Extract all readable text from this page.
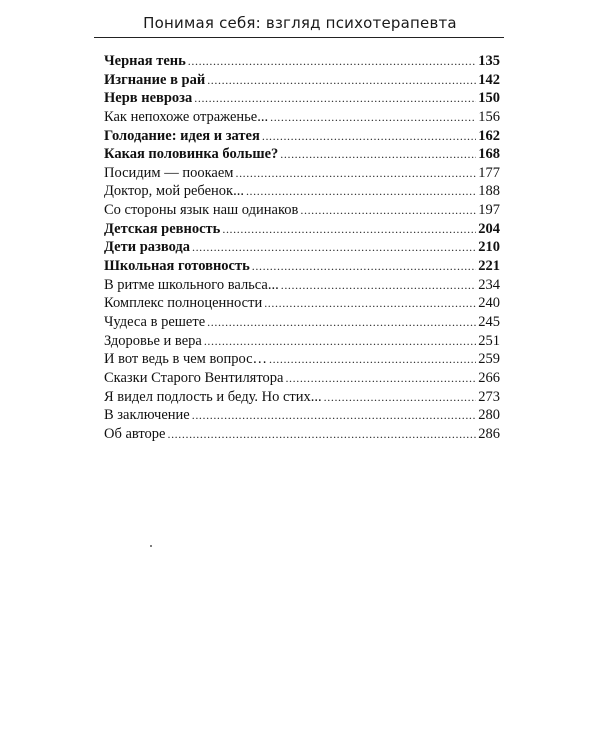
Понимая себя: взгляд психотерапевта
Черная тень .....	135
Изгнание в рай .....	142
Нерв невроза .....	150
Как непохоже отраженье... .....	156
Голодание: идея и затея .....	162
Какая половинка больше? .....	168
Посидим — поокаем .....	177
Доктор, мой ребенок... .....	188
Со стороны язык наш одинаков .....	197
Детская ревность .....	204
Дети развода .....	210
Школьная готовность .....	221
В ритме школьного вальса... .....	234
Комплекс полноценности .....	240
Чудеса в решете .....	245
Здоровье и вера .....	251
И вот ведь в чем вопрос… .....	259
Сказки Старого Вентилятора .....	266
Я видел подлость и беду. Но стих... .....	273
В заключение .....	280
Об авторе .....	286
